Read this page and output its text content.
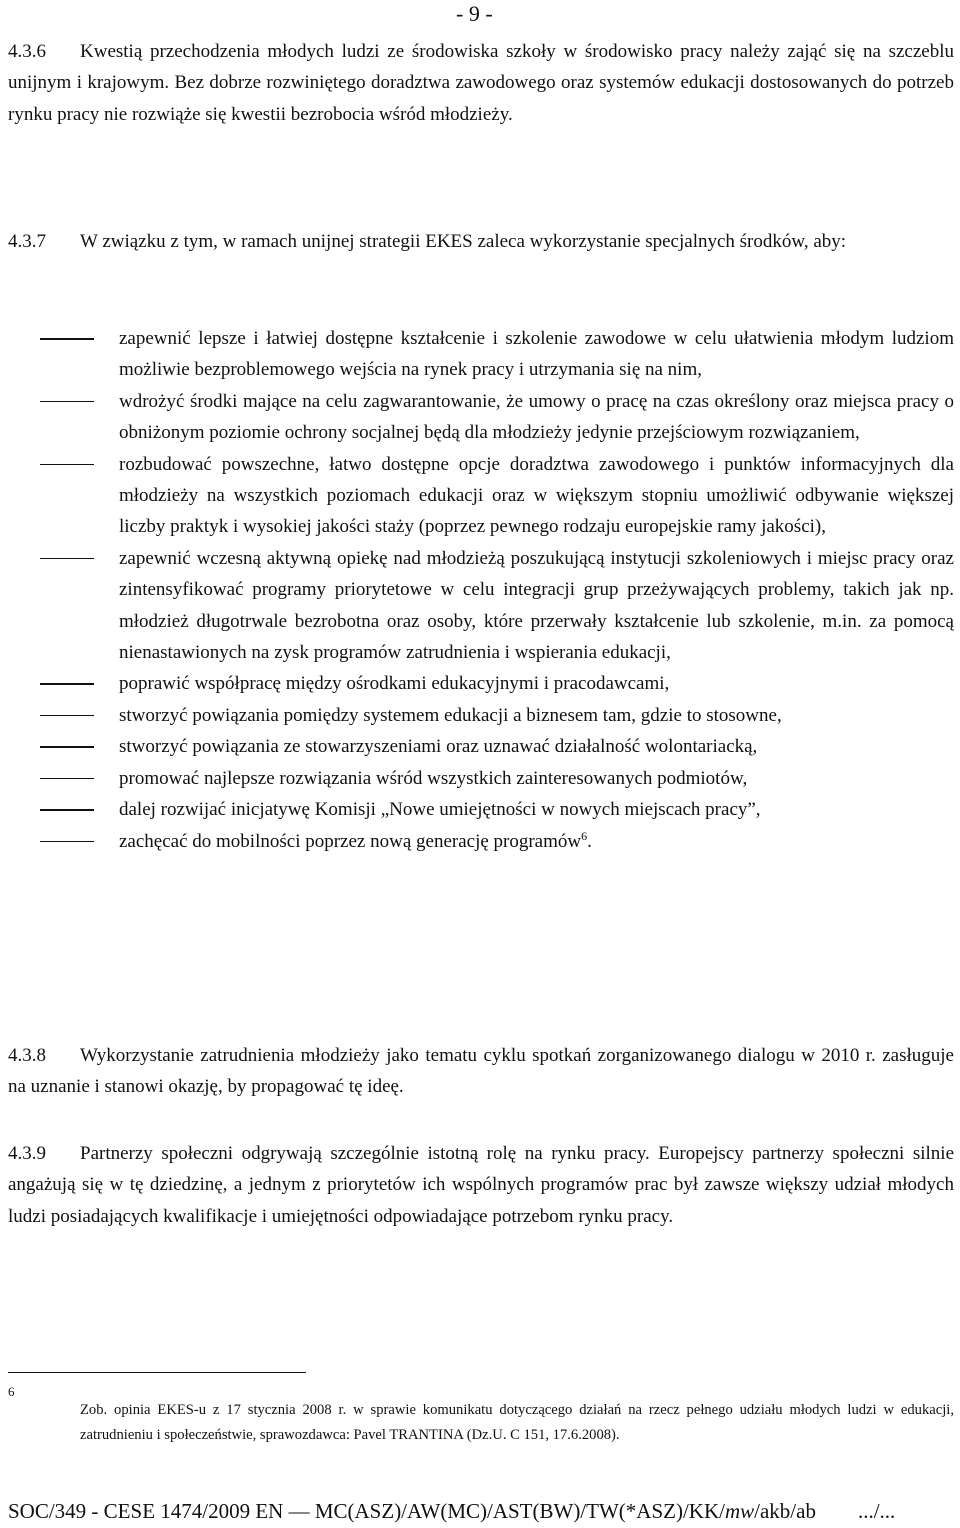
- 9 -
4.3.6	Kwestią przechodzenia młodych ludzi ze środowiska szkoły w środowisko pracy należy zająć się na szczeblu unijnym i krajowym. Bez dobrze rozwiniętego doradztwa zawodowego oraz systemów edukacji dostosowanych do potrzeb rynku pracy nie rozwiąże się kwestii bezrobocia wśród młodzieży.
4.3.7	W związku z tym, w ramach unijnej strategii EKES zaleca wykorzystanie specjalnych środków, aby:
zapewnić lepsze i łatwiej dostępne kształcenie i szkolenie zawodowe w celu ułatwienia młodym ludziom możliwie bezproblemowego wejścia na rynek pracy i utrzymania się na nim,
wdrożyć środki mające na celu zagwarantowanie, że umowy o pracę na czas określony oraz miejsca pracy o obniżonym poziomie ochrony socjalnej będą dla młodzieży jedynie przejściowym rozwiązaniem,
rozbudować powszechne, łatwo dostępne opcje doradztwa zawodowego i punktów informacyjnych dla młodzieży na wszystkich poziomach edukacji oraz w większym stopniu umożliwić odbywanie większej liczby praktyk i wysokiej jakości staży (poprzez pewnego rodzaju europejskie ramy jakości),
zapewnić wczesną aktywną opiekę nad młodzieżą poszukującą instytucji szkoleniowych i miejsc pracy oraz zintensyfikować programy priorytetowe w celu integracji grup przeżywających problemy, takich jak np. młodzież długotrwale bezrobotna oraz osoby, które przerwały kształcenie lub szkolenie, m.in. za pomocą nienastawionych na zysk programów zatrudnienia i wspierania edukacji,
poprawić współpracę między ośrodkami edukacyjnymi i pracodawcami,
stworzyć powiązania pomiędzy systemem edukacji a biznesem tam, gdzie to stosowne,
stworzyć powiązania ze stowarzyszeniami oraz uznawać działalność wolontariacką,
promować najlepsze rozwiązania wśród wszystkich zainteresowanych podmiotów,
dalej rozwijać inicjatywę Komisji „Nowe umiejętności w nowych miejscach pracy”,
zachęcać do mobilności poprzez nową generację programów$^6$.
4.3.8	Wykorzystanie zatrudnienia młodzieży jako tematu cyklu spotkań zorganizowanego dialogu w 2010 r. zasługuje na uznanie i stanowi okazję, by propagować tę ideę.
4.3.9	Partnerzy społeczni odgrywają szczególnie istotną rolę na rynku pracy. Europejscy partnerzy społeczni silnie angażują się w tę dziedzinę, a jednym z priorytetów ich wspólnych programów prac był zawsze większy udział młodych ludzi posiadających kwalifikacje i umiejętności odpowiadające potrzebom rynku pracy.
6
Zob. opinia EKES-u z 17 stycznia 2008 r. w sprawie komunikatu dotyczącego działań na rzecz pełnego udziału młodych ludzi w edukacji, zatrudnieniu i społeczeństwie, sprawozdawca: Pavel TRANTINA (Dz.U. C 151, 17.6.2008).
SOC/349 - CESE 1474/2009 EN — MC(ASZ)/AW(MC)/AST(BW)/TW(*ASZ)/KK/mw/akb/ab .../...
